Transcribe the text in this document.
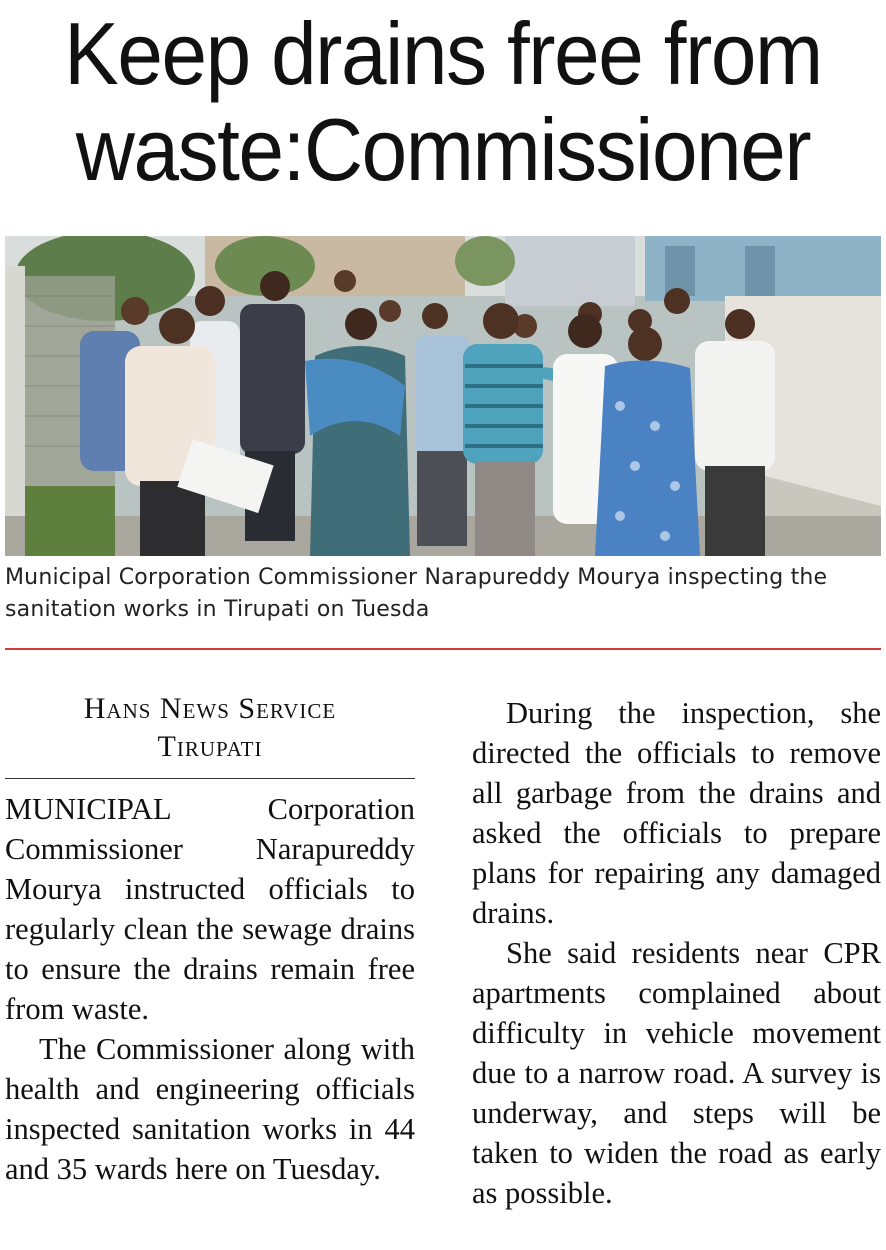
Keep drains free from
waste:Commissioner
Municipal Corporation Commissioner Narapureddy Mourya inspecting the sanitation works in Tirupati on Tuesda
Hans News Service
Tirupati

MUNICIPAL Corporation Commissioner Narapureddy Mourya instructed officials to regularly clean the sewage drains to ensure the drains remain free from waste.

The Commissioner along with health and engineering officials inspected sanitation works in 44 and 35 wards here on Tuesday.

During the inspection, she directed the officials to remove all garbage from the drains and asked the officials to prepare plans for repairing any damaged drains.

She said residents near CPR apartments complained about difficulty in vehicle movement due to a narrow road. A survey is underway, and steps will be taken to widen the road as early as possible.
